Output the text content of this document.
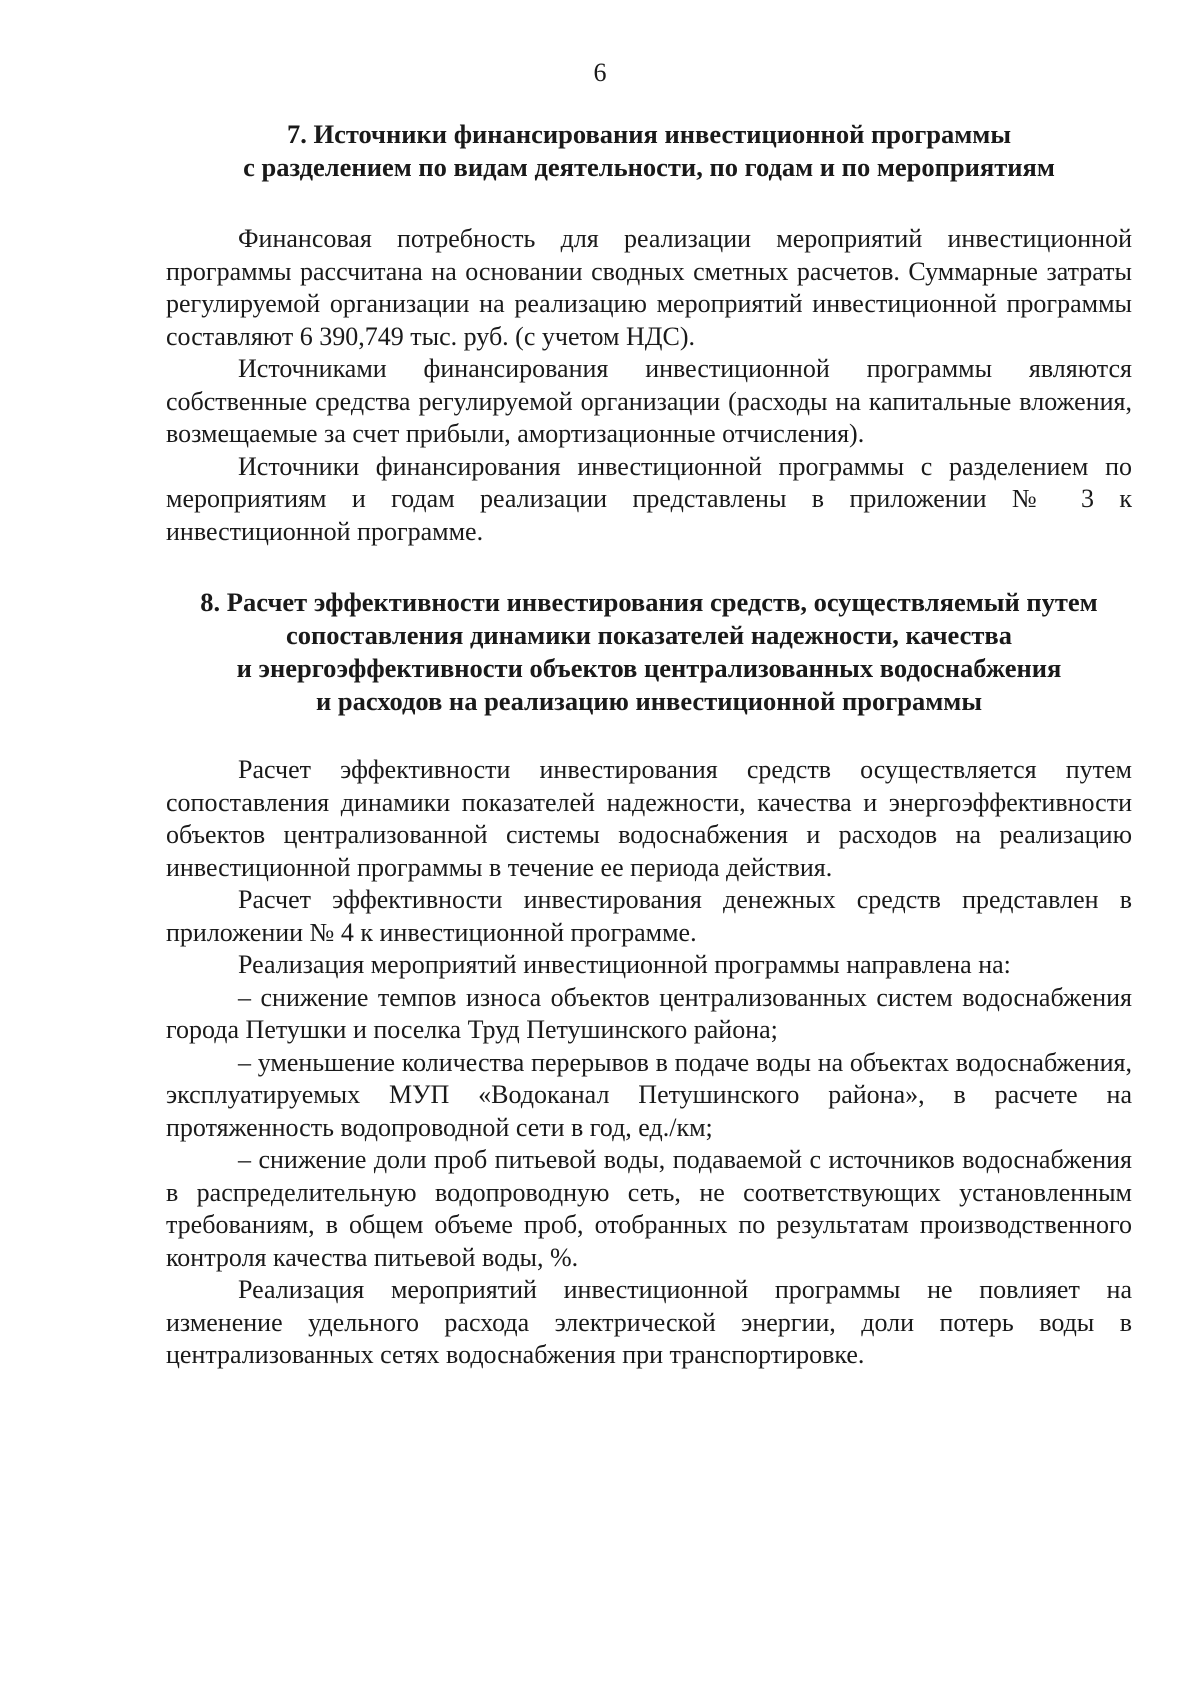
6
7. Источники финансирования инвестиционной программы
с разделением по видам деятельности, по годам и по мероприятиям

Финансовая потребность для реализации мероприятий инвестиционной программы рассчитана на основании сводных сметных расчетов. Суммарные затраты регулируемой организации на реализацию мероприятий инвестиционной программы составляют 6 390,749 тыс. руб. (с учетом НДС).

Источниками финансирования инвестиционной программы являются собственные средства регулируемой организации (расходы на капитальные вложения, возмещаемые за счет прибыли, амортизационные отчисления).

Источники финансирования инвестиционной программы с разделением по мероприятиям и годам реализации представлены в приложении № 3 к инвестиционной программе.

8. Расчет эффективности инвестирования средств, осуществляемый путем
сопоставления динамики показателей надежности, качества
и энергоэффективности объектов централизованных водоснабжения
и расходов на реализацию инвестиционной программы

Расчет эффективности инвестирования средств осуществляется путем сопоставления динамики показателей надежности, качества и энергоэффективности объектов централизованной системы водоснабжения и расходов на реализацию инвестиционной программы в течение ее периода действия.

Расчет эффективности инвестирования денежных средств представлен в приложении № 4 к инвестиционной программе.

Реализация мероприятий инвестиционной программы направлена на:

– снижение темпов износа объектов централизованных систем водоснабжения города Петушки и поселка Труд Петушинского района;

– уменьшение количества перерывов в подаче воды на объектах водоснабжения, эксплуатируемых МУП «Водоканал Петушинского района», в расчете на протяженность водопроводной сети в год, ед./км;

– снижение доли проб питьевой воды, подаваемой с источников водоснабжения в распределительную водопроводную сеть, не соответствующих установленным требованиям, в общем объеме проб, отобранных по результатам производственного контроля качества питьевой воды, %.

Реализация мероприятий инвестиционной программы не повлияет на изменение удельного расхода электрической энергии, доли потерь воды в централизованных сетях водоснабжения при транспортировке.
